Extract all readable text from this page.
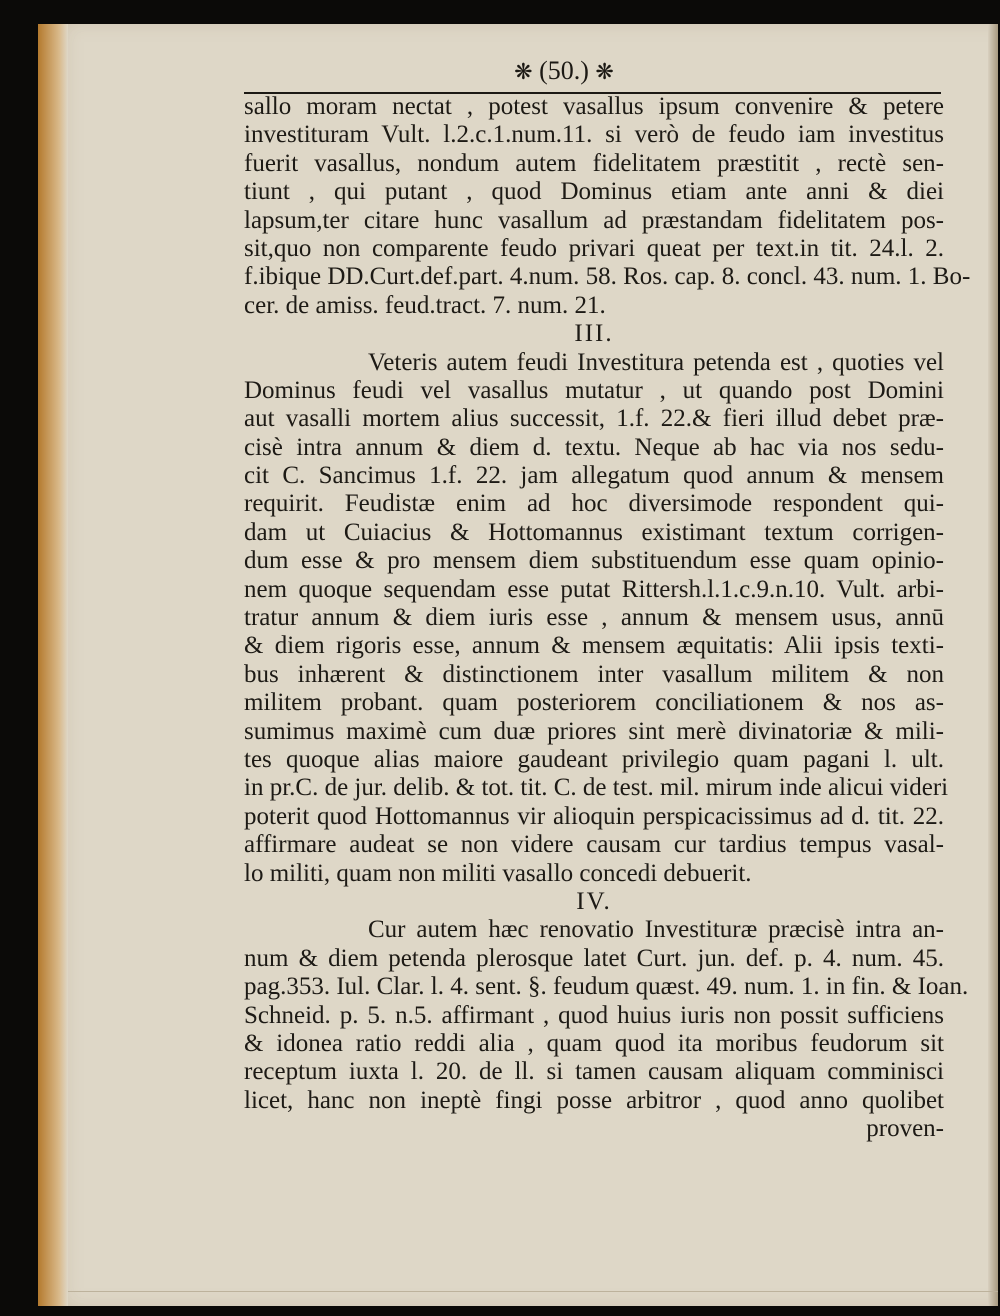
❋ (50.) ❋
sallo moram nectat , potest vasallus ipsum convenire & petere
investituram Vult. l.2.c.1.num.11. si verò de feudo iam investitus
fuerit vasallus, nondum autem fidelitatem præstitit , rectè sen-
tiunt , qui putant , quod Dominus etiam ante anni & diei
lapsum,ter citare hunc vasallum ad præstandam fidelitatem pos-
sit,quo non comparente feudo privari queat per text.in tit. 24.l. 2.
f.ibique DD.Curt.def.part. 4.num. 58. Ros. cap. 8. concl. 43. num. 1. Bo-
cer. de amiss. feud.tract. 7. num. 21.
III.
Veteris autem feudi Investitura petenda est , quoties vel
Dominus feudi vel vasallus mutatur , ut quando post Domini
aut vasalli mortem alius successit, 1.f. 22.& fieri illud debet præ-
cisè intra annum & diem d. textu. Neque ab hac via nos sedu-
cit C. Sancimus 1.f. 22. jam allegatum quod annum & mensem
requirit. Feudistæ enim ad hoc diversimode respondent qui-
dam ut Cuiacius & Hottomannus existimant textum corrigen-
dum esse & pro mensem diem substituendum esse quam opinio-
nem quoque sequendam esse putat Rittersh.l.1.c.9.n.10. Vult. arbi-
tratur annum & diem iuris esse , annum & mensem usus, annū
& diem rigoris esse, annum & mensem æquitatis: Alii ipsis texti-
bus inhærent & distinctionem inter vasallum militem & non
militem probant. quam posteriorem conciliationem & nos as-
sumimus maximè cum duæ priores sint merè divinatoriæ & mili-
tes quoque alias maiore gaudeant privilegio quam pagani l. ult.
in pr.C. de jur. delib. & tot. tit. C. de test. mil. mirum inde alicui videri
poterit quod Hottomannus vir alioquin perspicacissimus ad d. tit. 22.
affirmare audeat se non videre causam cur tardius tempus vasal-
lo militi, quam non militi vasallo concedi debuerit.
IV.
Cur autem hæc renovatio Investituræ præcisè intra an-
num & diem petenda plerosque latet Curt. jun. def. p. 4. num. 45.
pag.353. Iul. Clar. l. 4. sent. §. feudum quæst. 49. num. 1. in fin. & Ioan.
Schneid. p. 5. n.5. affirmant , quod huius iuris non possit sufficiens
& idonea ratio reddi alia , quam quod ita moribus feudorum sit
receptum iuxta l. 20. de ll. si tamen causam aliquam comminisci
licet, hanc non ineptè fingi posse arbitror , quod anno quolibet
proven-
